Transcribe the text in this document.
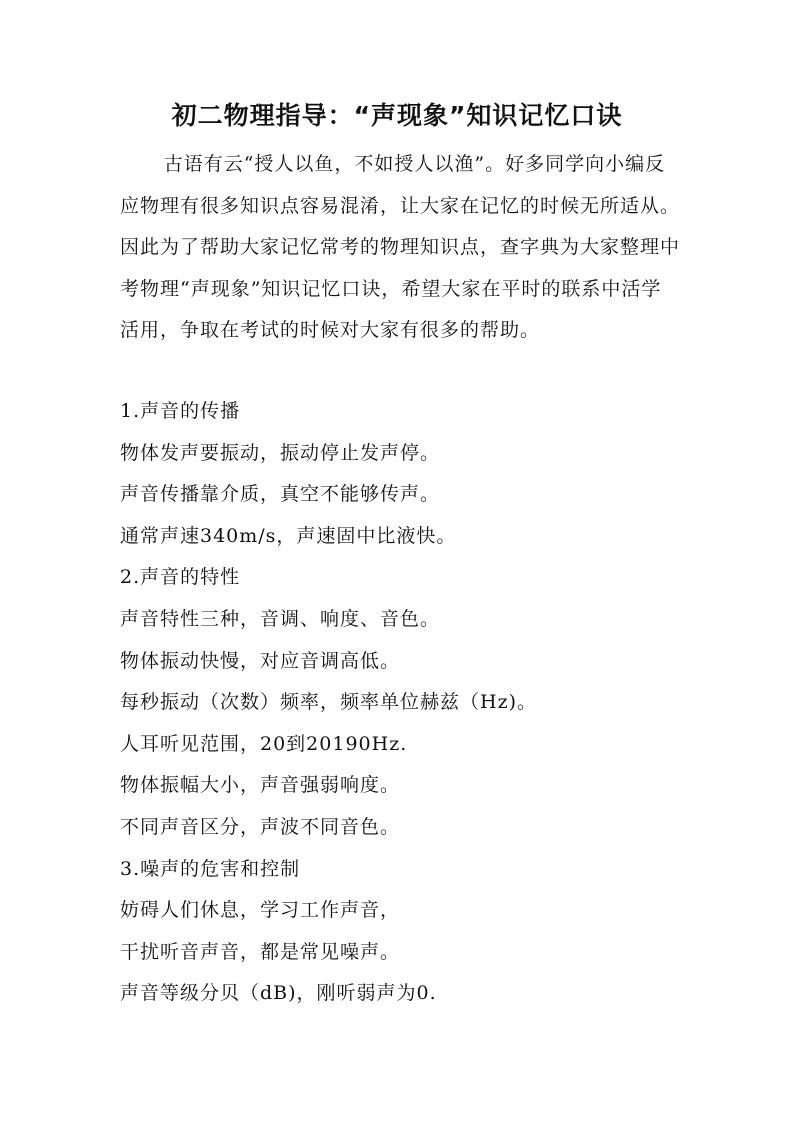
初二物理指导：“声现象”知识记忆口诀

古语有云“授人以鱼，不如授人以渔”。好多同学向小编反应物理有很多知识点容易混淆，让大家在记忆的时候无所适从。因此为了帮助大家记忆常考的物理知识点，查字典为大家整理中考物理“声现象”知识记忆口诀，希望大家在平时的联系中活学活用，争取在考试的时候对大家有很多的帮助。

1.声音的传播
物体发声要振动，振动停止发声停。
声音传播靠介质，真空不能够传声。
通常声速340m/s，声速固中比液快。
2.声音的特性
声音特性三种，音调、响度、音色。
物体振动快慢，对应音调高低。
每秒振动（次数）频率，频率单位赫兹（Hz)。
人耳听见范围，20到20190Hz.
物体振幅大小，声音强弱响度。
不同声音区分，声波不同音色。
3.噪声的危害和控制
妨碍人们休息，学习工作声音，
干扰听音声音，都是常见噪声。
声音等级分贝（dB)，刚听弱声为0.
